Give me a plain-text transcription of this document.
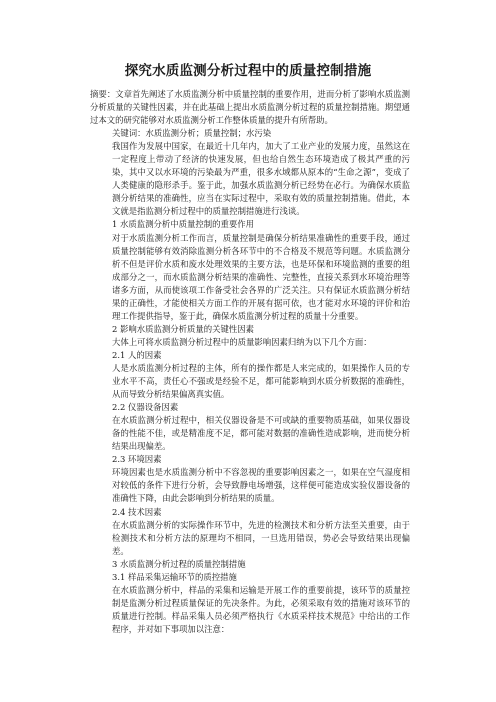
探究水质监测分析过程中的质量控制措施

摘要：文章首先阐述了水质监测分析中质量控制的重要作用，进而分析了影响水质监测分析质量的关键性因素，并在此基础上提出水质监测分析过程的质量控制措施。期望通过本文的研究能够对水质监测分析工作整体质量的提升有所帮助。

关键词：水质监测分析；质量控制；水污染

我国作为发展中国家，在最近十几年内，加大了工业产业的发展力度，虽然这在一定程度上带动了经济的快速发展，但也给自然生态环境造成了极其严重的污染，其中又以水环境的污染最为严重，很多水域都从原本的“生命之源”，变成了人类健康的隐形杀手。鉴于此，加强水质监测分析已经势在必行。为确保水质监测分析结果的准确性，应当在实际过程中，采取有效的质量控制措施。借此，本文就是指监测分析过程中的质量控制措施进行浅谈。

1 水质监测分析中质量控制的重要作用

对于水质监测分析工作而言，质量控制是确保分析结果准确性的重要手段，通过质量控制能够有效消除监测分析各环节中的不合格及不规范等问题。水质监测分析不但是评价水质和废水处理效果的主要方法，也是环保和环境监测的重要的组成部分之一，而水质监测分析结果的准确性、完整性，直接关系到水环境治理等诸多方面，从而使该项工作备受社会各界的广泛关注。只有保证水质监测分析结果的正确性，才能使相关方面工作的开展有据可依，也才能对水环境的评价和治理工作提供指导，鉴于此，确保水质监测分析过程的质量十分重要。

2 影响水质监测分析质量的关键性因素

大体上可将水质监测分析过程中的质量影响因素归纳为以下几个方面：

2.1 人的因素

人是水质监测分析过程的主体，所有的操作都是人来完成的，如果操作人员的专业水平不高，责任心不强或是经验不足，都可能影响到水质分析数据的准确性，从而导致分析结果偏离真实值。

2.2 仪器设备因素

在水质监测分析过程中，相关仪器设备是不可或缺的重要物质基础，如果仪器设备的性能不佳，或是精准度不足，都可能对数据的准确性造成影响，进而使分析结果出现偏差。

2.3 环境因素

环境因素也是水质监测分析中不容忽视的重要影响因素之一，如果在空气湿度相对较低的条件下进行分析，会导致静电场增强，这样便可能造成实验仪器设备的准确性下降，由此会影响到分析结果的质量。

2.4 技术因素

在水质监测分析的实际操作环节中，先进的检测技术和分析方法至关重要，由于检测技术和分析方法的原理均不相同，一旦选用错误，势必会导致结果出现偏差。

3 水质监测分析过程的质量控制措施

3.1 样品采集运输环节的质控措施

在水质监测分析中，样品的采集和运输是开展工作的重要前提，该环节的质量控制是监测分析过程质量保证的先决条件。为此，必须采取有效的措施对该环节的质量进行控制。样品采集人员必须严格执行《水质采样技术规范》中给出的工作程序，并对如下事项加以注意：
